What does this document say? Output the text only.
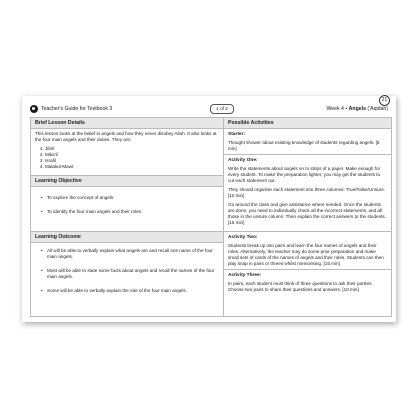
Teacher's Guide for Textbook 3	1 of 2	Week 4 • Angels ('Aqidah)
21
Brief Lesson Details

This lesson looks at the belief in angels and how they never disobey Allah. It also looks at the four main angels and their duties. They are:

1. Jibril
2. Mika'il
3. Israfil
4. Malakul-Mawt
Learning Objective
• To explore the concept of angels
• To identify the four main angels and their roles.
Learning Outcome
• All will be able to verbally explain what angels are and recall one name of the four main angels.
• Most will be able to state some facts about angels and recall the names of the four main angels.
• Some will be able to verbally explain the role of the four main angels.
Possible Activities
Starter:
Thought shower about existing knowledge of students regarding angels. [5 min]
Activity One:

Write the statements about angels on to strips of a paper. Make enough for every student. To make the preparation lighter, you may get the students to cut each statement out.

They should organise each statement into three columns: True/False/Unsure. [10 min]

Go around the class and give assistance where needed. Once the students are done, you need to individually check all the incorrect statements, and all those in the unsure column. Then explain the correct answers to the students. [15 min]

Activity Two:
Students break up into pairs and learn the four names of angels and their roles. Alternatively, the teacher may do some prior preparation and make small sets of cards of the names of angels and their roles. Students can then play snap in pairs or threes whilst memorising. [15 min]
Activity Three:
In pairs, each student must think of three questions to ask their partner. Choose two pairs to share their questions and answers. [10 min]
